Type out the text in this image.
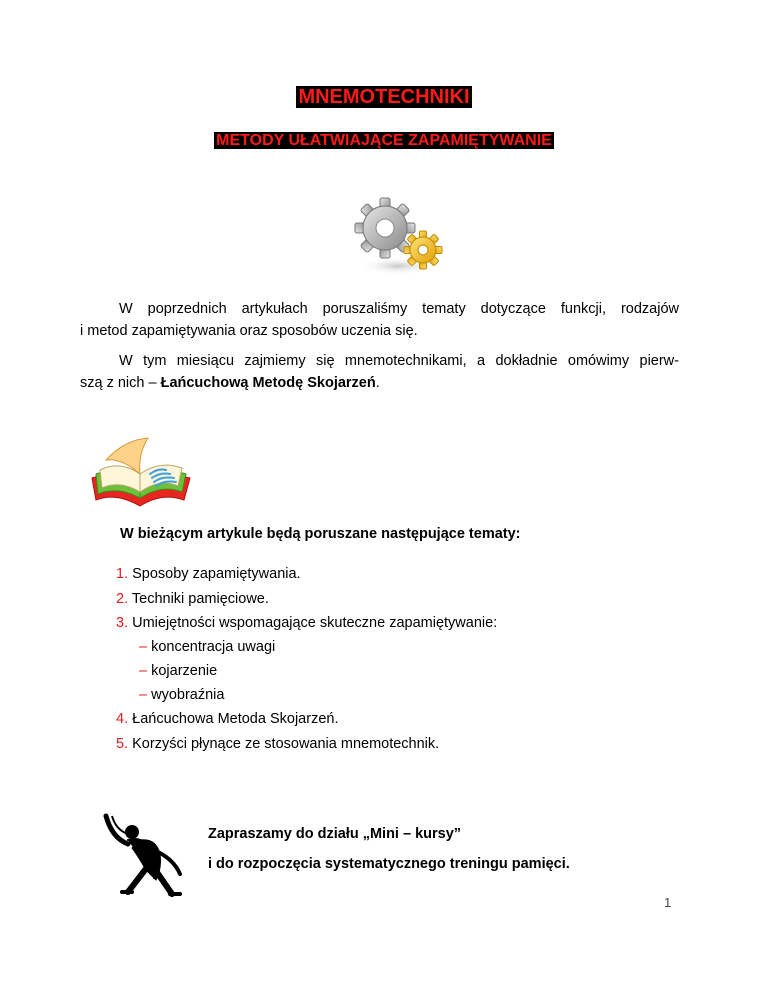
MNEMOTECHNIKI
METODY UŁATWIAJĄCE ZAPAMIĘTYWANIE
W poprzednich artykułach poruszaliśmy tematy dotyczące funkcji, rodzajów
i metod zapamiętywania oraz sposobów uczenia się.
W tym miesiącu zajmiemy się mnemotechnikami, a dokładnie omówimy pierw-
szą z nich – Łańcuchową Metodę Skojarzeń.
W bieżącym artykule będą poruszane następujące tematy:
1. Sposoby zapamiętywania.
2. Techniki pamięciowe.
3. Umiejętności wspomagające skuteczne zapamiętywanie:
– koncentracja uwagi
– kojarzenie
– wyobraźnia
4. Łańcuchowa Metoda Skojarzeń.
5. Korzyści płynące ze stosowania mnemotechnik.
Zapraszamy do działu „Mini – kursy”
i do rozpoczęcia systematycznego treningu pamięci.
1
